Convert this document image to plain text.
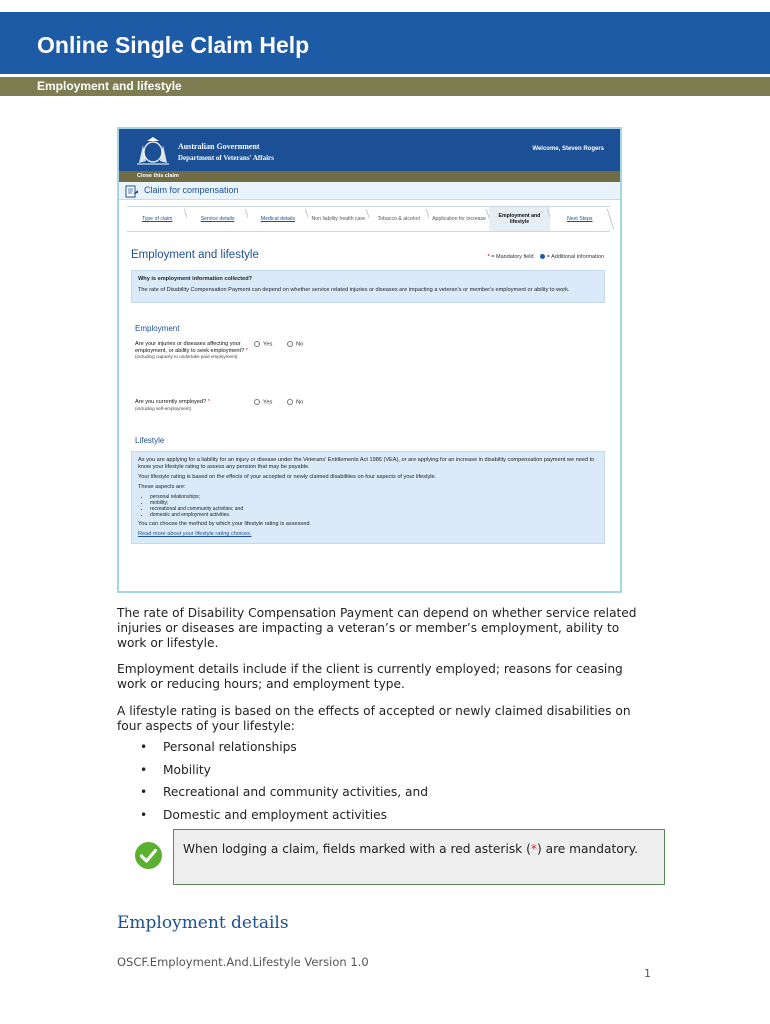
Online Single Claim Help
Employment and lifestyle
Australian Government
Department of Veterans' Affairs
Welcome, Steven Rogers
Close this claim
Claim for compensation
Type of claim	Service details	Medical details	Non liability health care	Tobacco & alcohol	Application for increase	Employment and lifestyle	Next Steps
Employment and lifestyle	* = Mandatory field = Additional information
Why is employment information collected?

The rate of Disability Compensation Payment can depend on whether service related injuries or diseases are impacting a veteran's or member's employment or ability to work.

Employment
Are your injuries or diseases affecting your employment, or ability to seek employment? *
(including capacity to undertake paid employment)
Yes	No
Are you currently employed? *
(including self-employment)
Yes	No
Lifestyle

As you are applying for a liability for an injury or disease under the Veterans' Entitlements Act 1986 (VEA), or are applying for an increase in disability compensation payment we need to know your lifestyle rating to assess any pension that may be payable.

Your lifestyle rating is based on the effects of your accepted or newly claimed disabilities on four aspects of your lifestyle.

These aspects are:

• personal relationships;
• mobility;
• recreational and community activities; and
• domestic and employment activities.

You can choose the method by which your lifestyle rating is assessed.

Read more about your lifestyle rating choices.
The rate of Disability Compensation Payment can depend on whether service related injuries or diseases are impacting a veteran’s or member’s employment, ability to work or lifestyle.
Employment details include if the client is currently employed; reasons for ceasing work or reducing hours; and employment type.
A lifestyle rating is based on the effects of accepted or newly claimed disabilities on four aspects of your lifestyle:
• Personal relationships
• Mobility
• Recreational and community activities, and
• Domestic and employment activities
When lodging a claim, fields marked with a red asterisk (*) are mandatory.
Employment details
OSCF.Employment.And.Lifestyle Version 1.0
1
